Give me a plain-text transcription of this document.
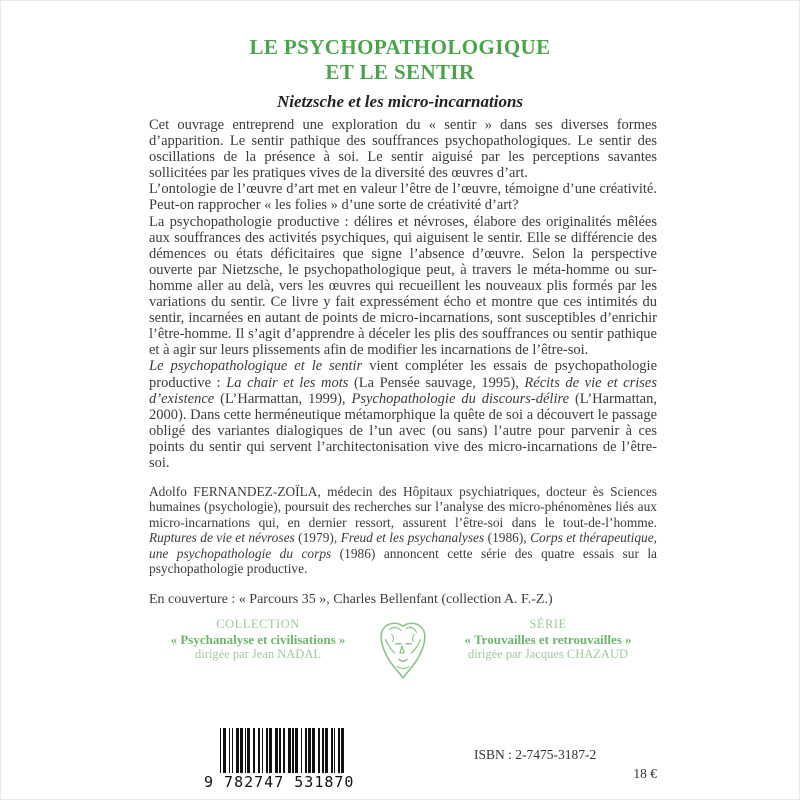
LE PSYCHOPATHOLOGIQUE
ET LE SENTIR
Nietzsche et les micro-incarnations

Cet ouvrage entreprend une exploration du « sentir » dans ses diverses formes d’apparition. Le sentir pathique des souffrances psychopathologiques. Le sentir des oscillations de la présence à soi. Le sentir aiguisé par les perceptions savantes sollicitées par les pratiques vives de la diversité des œuvres d’art.

L’ontologie de l’œuvre d’art met en valeur l’être de l’œuvre, témoigne d’une créativité. Peut-on rapprocher « les folies » d’une sorte de créativité d’art?

La psychopathologie productive : délires et névroses, élabore des originalités mêlées aux souffrances des activités psychiques, qui aiguisent le sentir. Elle se différencie des démences ou états déficitaires que signe l’absence d’œuvre. Selon la perspective ouverte par Nietzsche, le psychopathologique peut, à travers le méta-homme ou sur-homme aller au delà, vers les œuvres qui recueillent les nouveaux plis formés par les variations du sentir. Ce livre y fait expressément écho et montre que ces intimités du sentir, incarnées en autant de points de micro-incarnations, sont susceptibles d’enrichir l’être-homme. Il s’agit d’apprendre à déceler les plis des souffrances ou sentir pathique et à agir sur leurs plissements afin de modifier les incarnations de l’être-soi.

Le psychopathologique et le sentir vient compléter les essais de psychopathologie productive : La chair et les mots (La Pensée sauvage, 1995), Récits de vie et crises d’existence (L’Harmattan, 1999), Psychopathologie du discours-délire (L’Harmattan, 2000). Dans cette herméneutique métamorphique la quête de soi a découvert le passage obligé des variantes dialogiques de l’un avec (ou sans) l’autre pour parvenir à ces points du sentir qui servent l’architectonisation vive des micro-incarnations de l’être-soi.

Adolfo FERNANDEZ-ZOÏLA, médecin des Hôpitaux psychiatriques, docteur ès Sciences humaines (psychologie), poursuit des recherches sur l’analyse des micro-phénomènes liés aux micro-incarnations qui, en dernier ressort, assurent l’être-soi dans le tout-de-l’homme. Ruptures de vie et névroses (1979), Freud et les psychanalyses (1986), Corps et thérapeutique, une psychopathologie du corps (1986) annoncent cette série des quatre essais sur la psychopathologie productive.

En couverture : « Parcours 35 », Charles Bellenfant (collection A. F.-Z.)

COLLECTION
« Psychanalyse et civilisations »
dirigée par Jean NADAL
SÉRIE
« Trouvailles et retrouvailles »
dirigée par Jacques CHAZAUD
9 782747 531870
ISBN : 2-7475-3187-2
18 €
